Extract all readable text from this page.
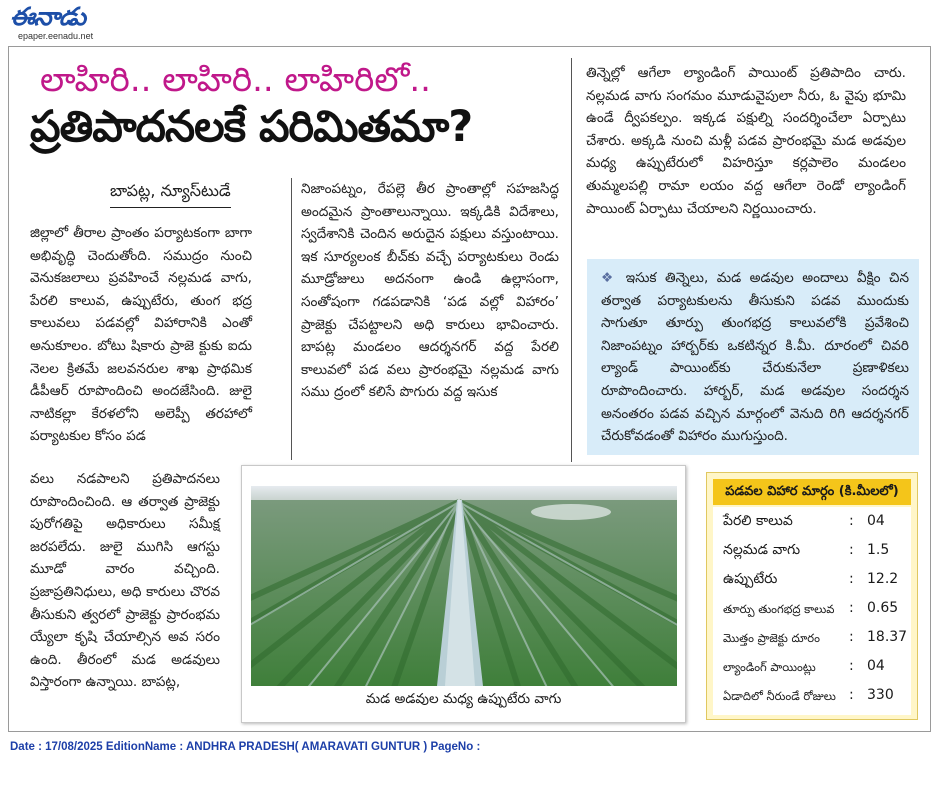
ఈనాడు
epaper.eenadu.net
లాహిరి.. లాహిరి.. లాహిరిలో..
ప్రతిపాదనలకే పరిమితమా?
బాపట్ల, న్యూస్‌టుడే
జిల్లాలో తీరాల ప్రాంతం పర్యాటకంగా బాగా అభివృద్ధి చెందుతోంది. సముద్రం నుంచి వెనుకజలాలు ప్రవహించే నల్లమడ వాగు, పేరలి కాలువ, ఉప్పుటేరు, తుంగ భద్ర కాలువలు పడవల్లో విహారానికి ఎంతో అనుకూలం. బోటు షికారు ప్రాజె క్టుకు ఐదు నెలల క్రితమే జలవనరుల శాఖ ప్రాథమిక డీపీఆర్ రూపొందించి అందజేసింది. జులై నాటికల్లా కేరళలోని అలెప్పీ తరహాలో పర్యాటకుల కోసం పడ
వలు నడపాలని ప్రతిపాదనలు రూపొందించింది. ఆ తర్వాత ప్రాజెక్టు పురోగతిపై అధికారులు సమీక్ష జరపలేదు. జులై ముగిసి ఆగస్టు మూడో వారం వచ్చింది. ప్రజాప్రతినిధులు, అధి కారులు చొరవ తీసుకుని త్వరలో ప్రాజెక్టు ప్రారంభమ య్యేలా కృషి చేయాల్సిన అవ సరం ఉంది. తీరంలో మడ అడవులు విస్తారంగా ఉన్నాయి. బాపట్ల,
నిజాంపట్నం, రేపల్లె తీర ప్రాంతాల్లో సహజసిద్ధ అందమైన ప్రాంతాలున్నాయి. ఇక్కడికి విదేశాలు, స్వదేశానికి చెందిన అరుదైన పక్షులు వస్తుంటాయి. ఇక సూర్యలంక బీచ్‌కు వచ్చే పర్యాటకులు రెండు మూడ్రోజులు అదనంగా ఉండి ఉల్లాసంగా, సంతోషంగా గడపడానికి ‘పడ వల్లో విహారం’ ప్రాజెక్టు చేపట్టాలని అధి కారులు భావించారు. బాపట్ల మండలం ఆదర్శనగర్ వద్ద పేరలి కాలువలో పడ వలు ప్రారంభమై నల్లమడ వాగు సము ద్రంలో కలిసే పొగురు వద్ద ఇసుక
తిన్నెల్లో ఆగేలా ల్యాండింగ్ పాయింట్ ప్రతిపాదిం చారు. నల్లమడ వాగు సంగమం మూడువైపులా నీరు, ఓ వైపు భూమి ఉండే ద్వీపకల్పం. ఇక్కడ పక్షుల్ని సందర్శించేలా ఏర్పాటు చేశారు. అక్కడి నుంచి మళ్లీ పడవ ప్రారంభమై మడ అడవుల మధ్య ఉప్పుటేరులో విహరిస్తూ కర్లపాలెం మండలం తుమ్మలపల్లి రామా లయం వద్ద ఆగేలా రెండో ల్యాండింగ్ పాయింట్ ఏర్పాటు చేయాలని నిర్ణయించారు.
❖ ఇసుక తిన్నెలు, మడ అడవుల అందాలు వీక్షిం చిన తర్వాత పర్యాటకులను తీసుకుని పడవ ముందుకు సాగుతూ తూర్పు తుంగభద్ర కాలువలోకి ప్రవేశించి నిజాంపట్నం హార్బర్‌కు ఒకటిన్నర కి.మీ. దూరంలో చివరి ల్యాండ్ పాయింట్‌కు చేరుకునేలా ప్రణాళికలు రూపొందించారు. హార్బర్, మడ అడవుల సందర్శన అనంతరం పడవ వచ్చిన మార్గంలో వెనుది రిగి ఆదర్శనగర్ చేరుకోవడంతో విహారం ముగుస్తుంది.
మడ అడవుల మధ్య ఉప్పుటేరు వాగు
పడవల విహార మార్గం (కి.మీలలో)
పేరలి కాలువ	: 04
నల్లమడ వాగు	: 1.5
ఉప్పుటేరు	: 12.2
తూర్పు తుంగభద్ర కాలువ : 0.65
మొత్తం ప్రాజెక్టు దూరం : 18.37
ల్యాండింగ్ పాయింట్లు : 04
ఏడాదిలో నీరుండే రోజులు : 330
Date : 17/08/2025 EditionName : ANDHRA PRADESH( AMARAVATI GUNTUR ) PageNo :
